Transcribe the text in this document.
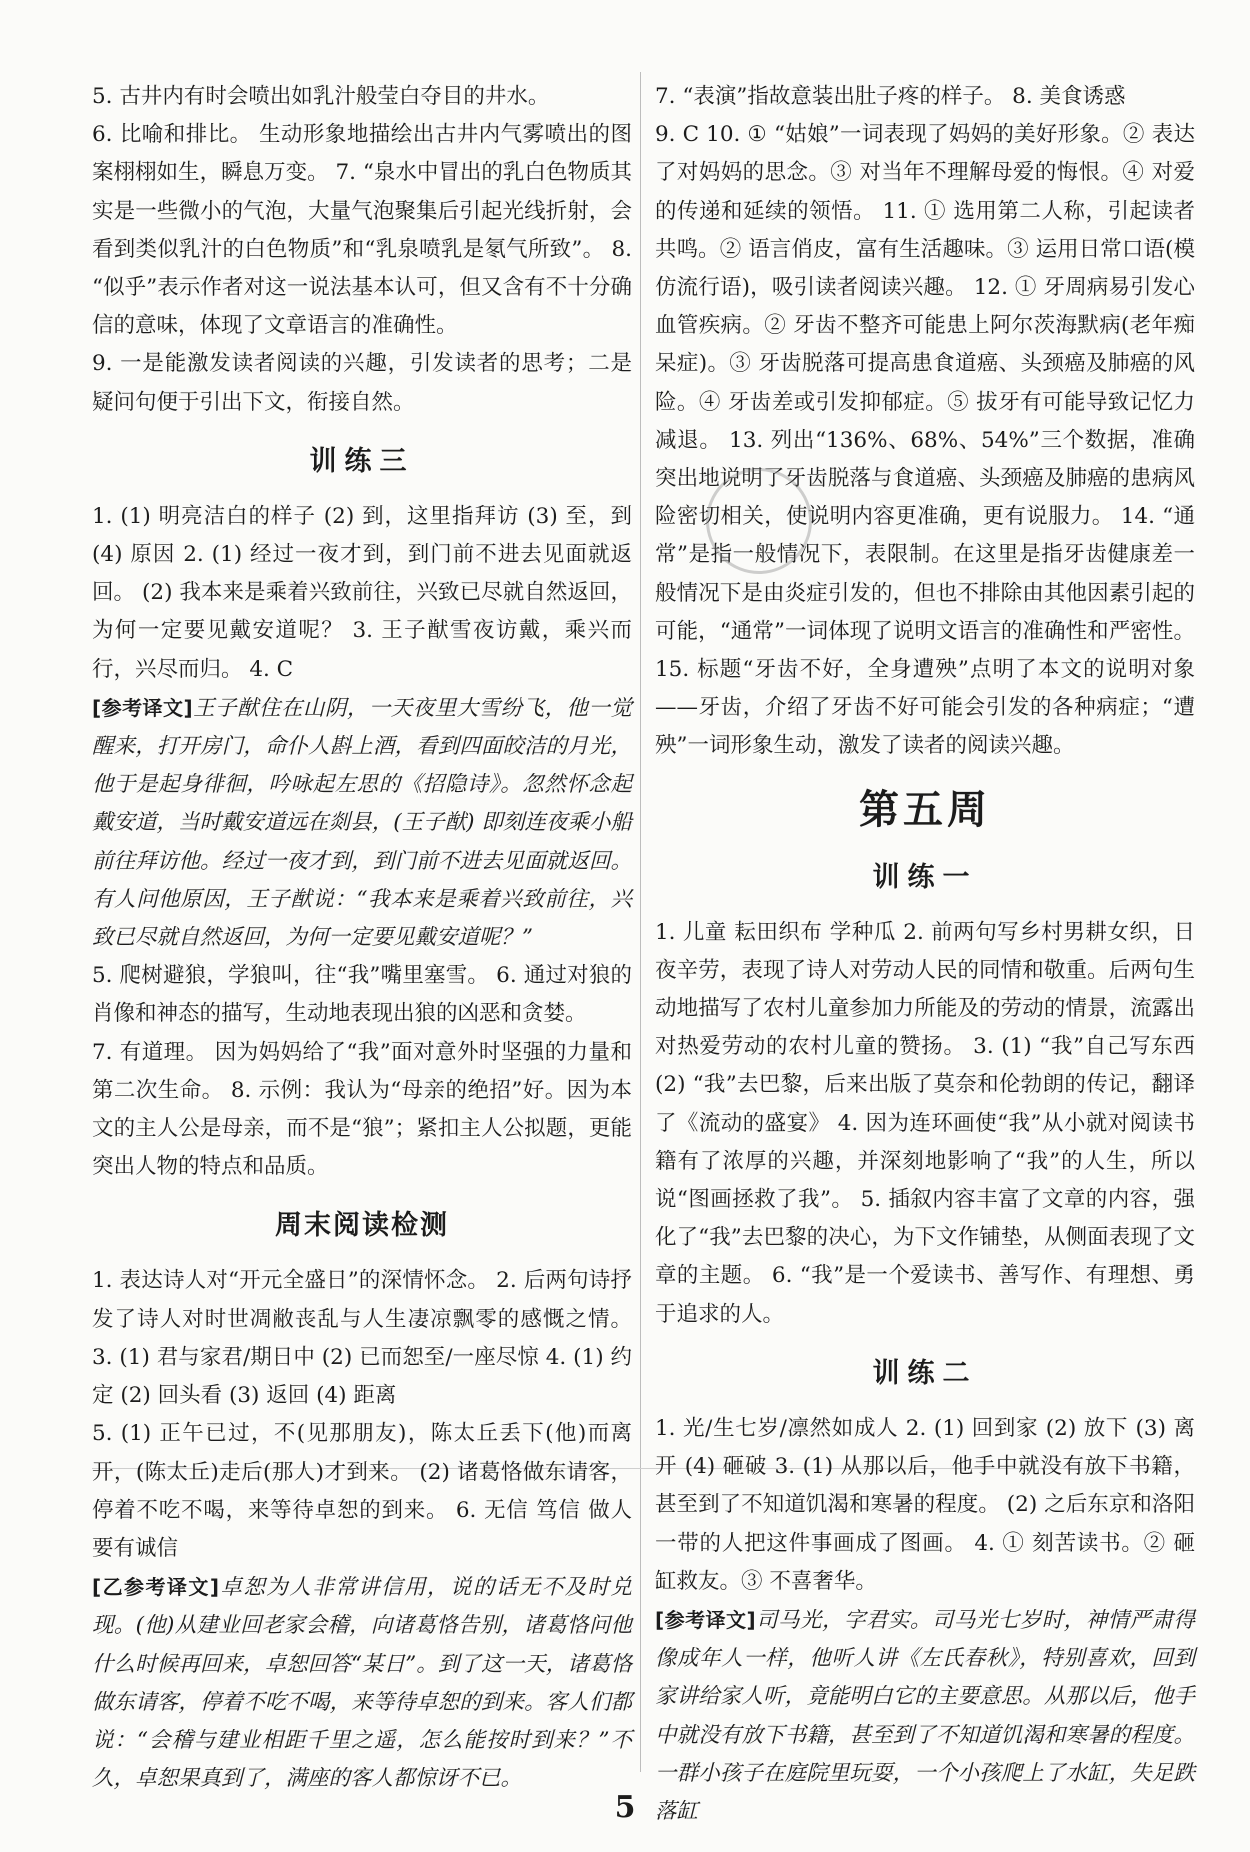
5. 古井内有时会喷出如乳汁般莹白夺目的井水。

6. 比喻和排比。 生动形象地描绘出古井内气雾喷出的图案栩栩如生，瞬息万变。 7. “泉水中冒出的乳白色物质其实是一些微小的气泡，大量气泡聚集后引起光线折射，会看到类似乳汁的白色物质”和“乳泉喷乳是氡气所致”。 8. “似乎”表示作者对这一说法基本认可，但又含有不十分确信的意味，体现了文章语言的准确性。

9. 一是能激发读者阅读的兴趣，引发读者的思考；二是疑问句便于引出下文，衔接自然。

训练三

1. (1) 明亮洁白的样子 (2) 到，这里指拜访 (3) 至，到 (4) 原因 2. (1) 经过一夜才到，到门前不进去见面就返回。 (2) 我本来是乘着兴致前往，兴致已尽就自然返回，为何一定要见戴安道呢？ 3. 王子猷雪夜访戴，乘兴而行，兴尽而归。 4. C

[参考译文]王子猷住在山阴，一天夜里大雪纷飞，他一觉醒来，打开房门，命仆人斟上酒，看到四面皎洁的月光，他于是起身徘徊，吟咏起左思的《招隐诗》。忽然怀念起戴安道，当时戴安道远在剡县，(王子猷) 即刻连夜乘小船前往拜访他。经过一夜才到，到门前不进去见面就返回。有人问他原因，王子猷说：“我本来是乘着兴致前往，兴致已尽就自然返回，为何一定要见戴安道呢？”

5. 爬树避狼，学狼叫，往“我”嘴里塞雪。 6. 通过对狼的肖像和神态的描写，生动地表现出狼的凶恶和贪婪。

7. 有道理。 因为妈妈给了“我”面对意外时坚强的力量和第二次生命。 8. 示例：我认为“母亲的绝招”好。因为本文的主人公是母亲，而不是“狼”；紧扣主人公拟题，更能突出人物的特点和品质。

周末阅读检测

1. 表达诗人对“开元全盛日”的深情怀念。 2. 后两句诗抒发了诗人对时世凋敝丧乱与人生凄凉飘零的感慨之情。 3. (1) 君与家君/期日中 (2) 已而恕至/一座尽惊 4. (1) 约定 (2) 回头看 (3) 返回 (4) 距离

5. (1) 正午已过，不(见那朋友)，陈太丘丢下(他)而离开，(陈太丘)走后(那人)才到来。 (2) 诸葛恪做东请客，停着不吃不喝，来等待卓恕的到来。 6. 无信 笃信 做人要有诚信

[乙参考译文]卓恕为人非常讲信用，说的话无不及时兑现。(他)从建业回老家会稽，向诸葛恪告别，诸葛恪问他什么时候再回来，卓恕回答“某日”。到了这一天，诸葛恪做东请客，停着不吃不喝，来等待卓恕的到来。客人们都说：“会稽与建业相距千里之遥，怎么能按时到来？”不久，卓恕果真到了，满座的客人都惊讶不已。

7. “表演”指故意装出肚子疼的样子。 8. 美食诱惑

9. C 10. ① “姑娘”一词表现了妈妈的美好形象。② 表达了对妈妈的思念。③ 对当年不理解母爱的悔恨。④ 对爱的传递和延续的领悟。 11. ① 选用第二人称，引起读者共鸣。② 语言俏皮，富有生活趣味。③ 运用日常口语(模仿流行语)，吸引读者阅读兴趣。 12. ① 牙周病易引发心血管疾病。② 牙齿不整齐可能患上阿尔茨海默病(老年痴呆症)。③ 牙齿脱落可提高患食道癌、头颈癌及肺癌的风险。④ 牙齿差或引发抑郁症。⑤ 拔牙有可能导致记忆力减退。 13. 列出“136%、68%、54%”三个数据，准确突出地说明了牙齿脱落与食道癌、头颈癌及肺癌的患病风险密切相关，使说明内容更准确，更有说服力。 14. “通常”是指一般情况下，表限制。在这里是指牙齿健康差一般情况下是由炎症引发的，但也不排除由其他因素引起的可能，“通常”一词体现了说明文语言的准确性和严密性。 15. 标题“牙齿不好，全身遭殃”点明了本文的说明对象——牙齿，介绍了牙齿不好可能会引发的各种病症；“遭殃”一词形象生动，激发了读者的阅读兴趣。

第五周
训练一

1. 儿童 耘田织布 学种瓜 2. 前两句写乡村男耕女织，日夜辛劳，表现了诗人对劳动人民的同情和敬重。后两句生动地描写了农村儿童参加力所能及的劳动的情景，流露出对热爱劳动的农村儿童的赞扬。 3. (1) “我”自己写东西 (2) “我”去巴黎，后来出版了莫奈和伦勃朗的传记，翻译了《流动的盛宴》 4. 因为连环画使“我”从小就对阅读书籍有了浓厚的兴趣，并深刻地影响了“我”的人生，所以说“图画拯救了我”。 5. 插叙内容丰富了文章的内容，强化了“我”去巴黎的决心，为下文作铺垫，从侧面表现了文章的主题。 6. “我”是一个爱读书、善写作、有理想、勇于追求的人。

训练二

1. 光/生七岁/凛然如成人 2. (1) 回到家 (2) 放下 (3) 离开 (4) 砸破 3. (1) 从那以后，他手中就没有放下书籍，甚至到了不知道饥渴和寒暑的程度。 (2) 之后东京和洛阳一带的人把这件事画成了图画。 4. ① 刻苦读书。② 砸缸救友。③ 不喜奢华。

[参考译文]司马光，字君实。司马光七岁时，神情严肃得像成年人一样，他听人讲《左氏春秋》，特别喜欢，回到家讲给家人听，竟能明白它的主要意思。从那以后，他手中就没有放下书籍，甚至到了不知道饥渴和寒暑的程度。一群小孩子在庭院里玩耍，一个小孩爬上了水缸，失足跌落缸

5
